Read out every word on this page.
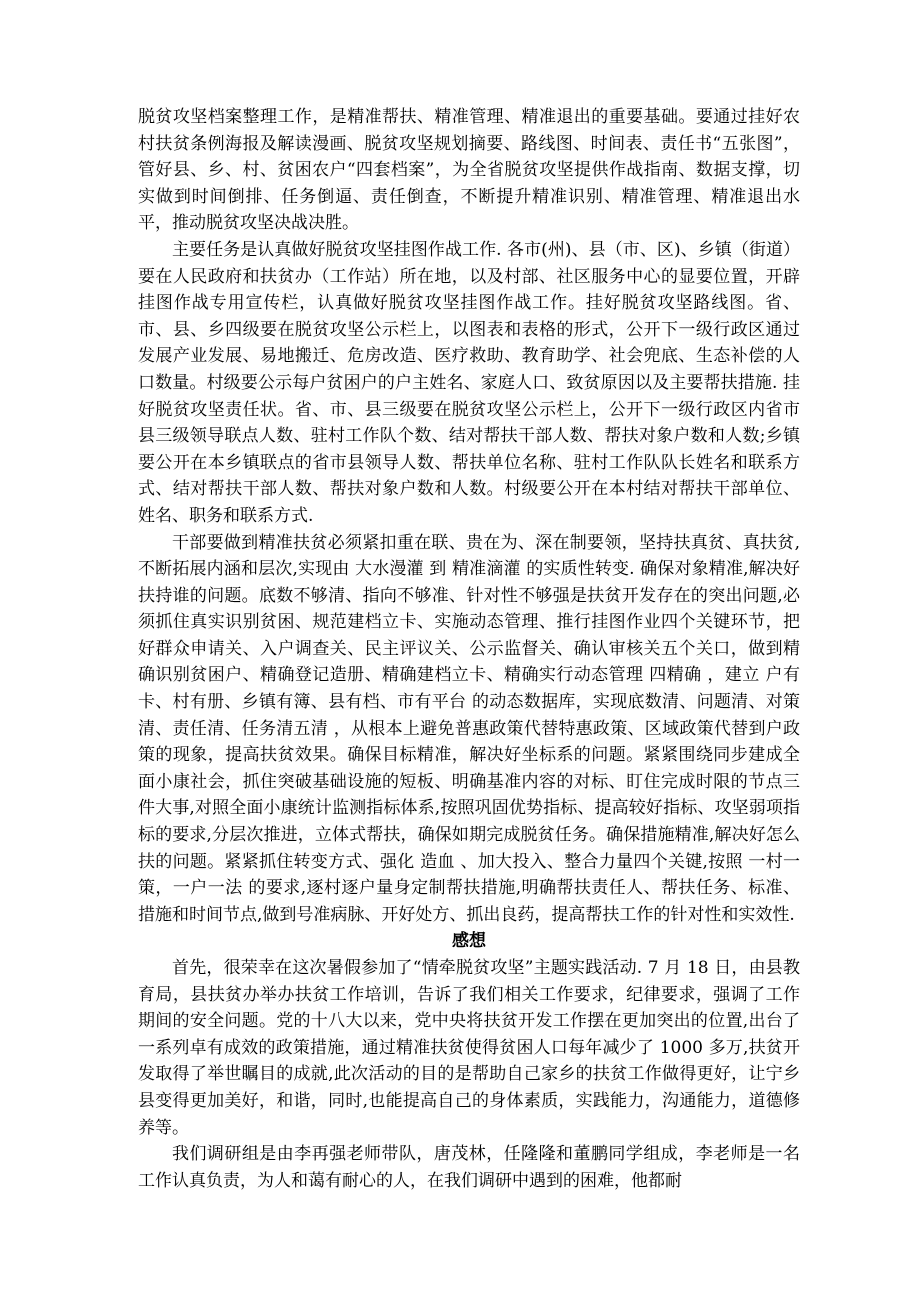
脱贫攻坚档案整理工作，是精准帮扶、精准管理、精准退出的重要基础。要通过挂好农村扶贫条例海报及解读漫画、脱贫攻坚规划摘要、路线图、时间表、责任书“五张图”，管好县、乡、村、贫困农户“四套档案”，为全省脱贫攻坚提供作战指南、数据支撑，切实做到时间倒排、任务倒逼、责任倒查，不断提升精准识别、精准管理、精准退出水平，推动脱贫攻坚决战决胜。

主要任务是认真做好脱贫攻坚挂图作战工作. 各市(州)、县（市、区)、乡镇（街道）要在人民政府和扶贫办（工作站）所在地，以及村部、社区服务中心的显要位置，开辟挂图作战专用宣传栏，认真做好脱贫攻坚挂图作战工作。挂好脱贫攻坚路线图。省、市、县、乡四级要在脱贫攻坚公示栏上，以图表和表格的形式，公开下一级行政区通过发展产业发展、易地搬迁、危房改造、医疗救助、教育助学、社会兜底、生态补偿的人口数量。村级要公示每户贫困户的户主姓名、家庭人口、致贫原因以及主要帮扶措施. 挂好脱贫攻坚责任状。省、市、县三级要在脱贫攻坚公示栏上，公开下一级行政区内省市县三级领导联点人数、驻村工作队个数、结对帮扶干部人数、帮扶对象户数和人数;乡镇要公开在本乡镇联点的省市县领导人数、帮扶单位名称、驻村工作队队长姓名和联系方式、结对帮扶干部人数、帮扶对象户数和人数。村级要公开在本村结对帮扶干部单位、姓名、职务和联系方式.

干部要做到精准扶贫必须紧扣重在联、贵在为、深在制要领，坚持扶真贫、真扶贫,不断拓展内涵和层次,实现由 大水漫灌 到 精准滴灌 的实质性转变. 确保对象精准,解决好扶持谁的问题。底数不够清、指向不够准、针对性不够强是扶贫开发存在的突出问题,必须抓住真实识别贫困、规范建档立卡、实施动态管理、推行挂图作业四个关键环节，把好群众申请关、入户调查关、民主评议关、公示监督关、确认审核关五个关口，做到精确识别贫困户、精确登记造册、精确建档立卡、精确实行动态管理 四精确 ，建立 户有卡、村有册、乡镇有簿、县有档、市有平台 的动态数据库，实现底数清、问题清、对策清、责任清、任务清五清 ，从根本上避免普惠政策代替特惠政策、区域政策代替到户政策的现象，提高扶贫效果。确保目标精准，解决好坐标系的问题。紧紧围绕同步建成全面小康社会，抓住突破基础设施的短板、明确基准内容的对标、盯住完成时限的节点三件大事,对照全面小康统计监测指标体系,按照巩固优势指标、提高较好指标、攻坚弱项指标的要求,分层次推进，立体式帮扶，确保如期完成脱贫任务。确保措施精准,解决好怎么扶的问题。紧紧抓住转变方式、强化 造血 、加大投入、整合力量四个关键,按照 一村一策，一户一法 的要求,逐村逐户量身定制帮扶措施,明确帮扶责任人、帮扶任务、标准、措施和时间节点,做到号准病脉、开好处方、抓出良药，提高帮扶工作的针对性和实效性.

感想

首先，很荣幸在这次暑假参加了“情牵脱贫攻坚”主题实践活动. 7 月 18 日，由县教育局，县扶贫办举办扶贫工作培训，告诉了我们相关工作要求，纪律要求，强调了工作期间的安全问题。党的十八大以来，党中央将扶贫开发工作摆在更加突出的位置,出台了一系列卓有成效的政策措施，通过精准扶贫使得贫困人口每年减少了 1000 多万,扶贫开发取得了举世瞩目的成就,此次活动的目的是帮助自己家乡的扶贫工作做得更好，让宁乡县变得更加美好，和谐，同时,也能提高自己的身体素质，实践能力，沟通能力，道德修养等。

我们调研组是由李再强老师带队，唐茂林，任隆隆和董鹏同学组成，李老师是一名工作认真负责，为人和蔼有耐心的人，在我们调研中遇到的困难，他都耐
